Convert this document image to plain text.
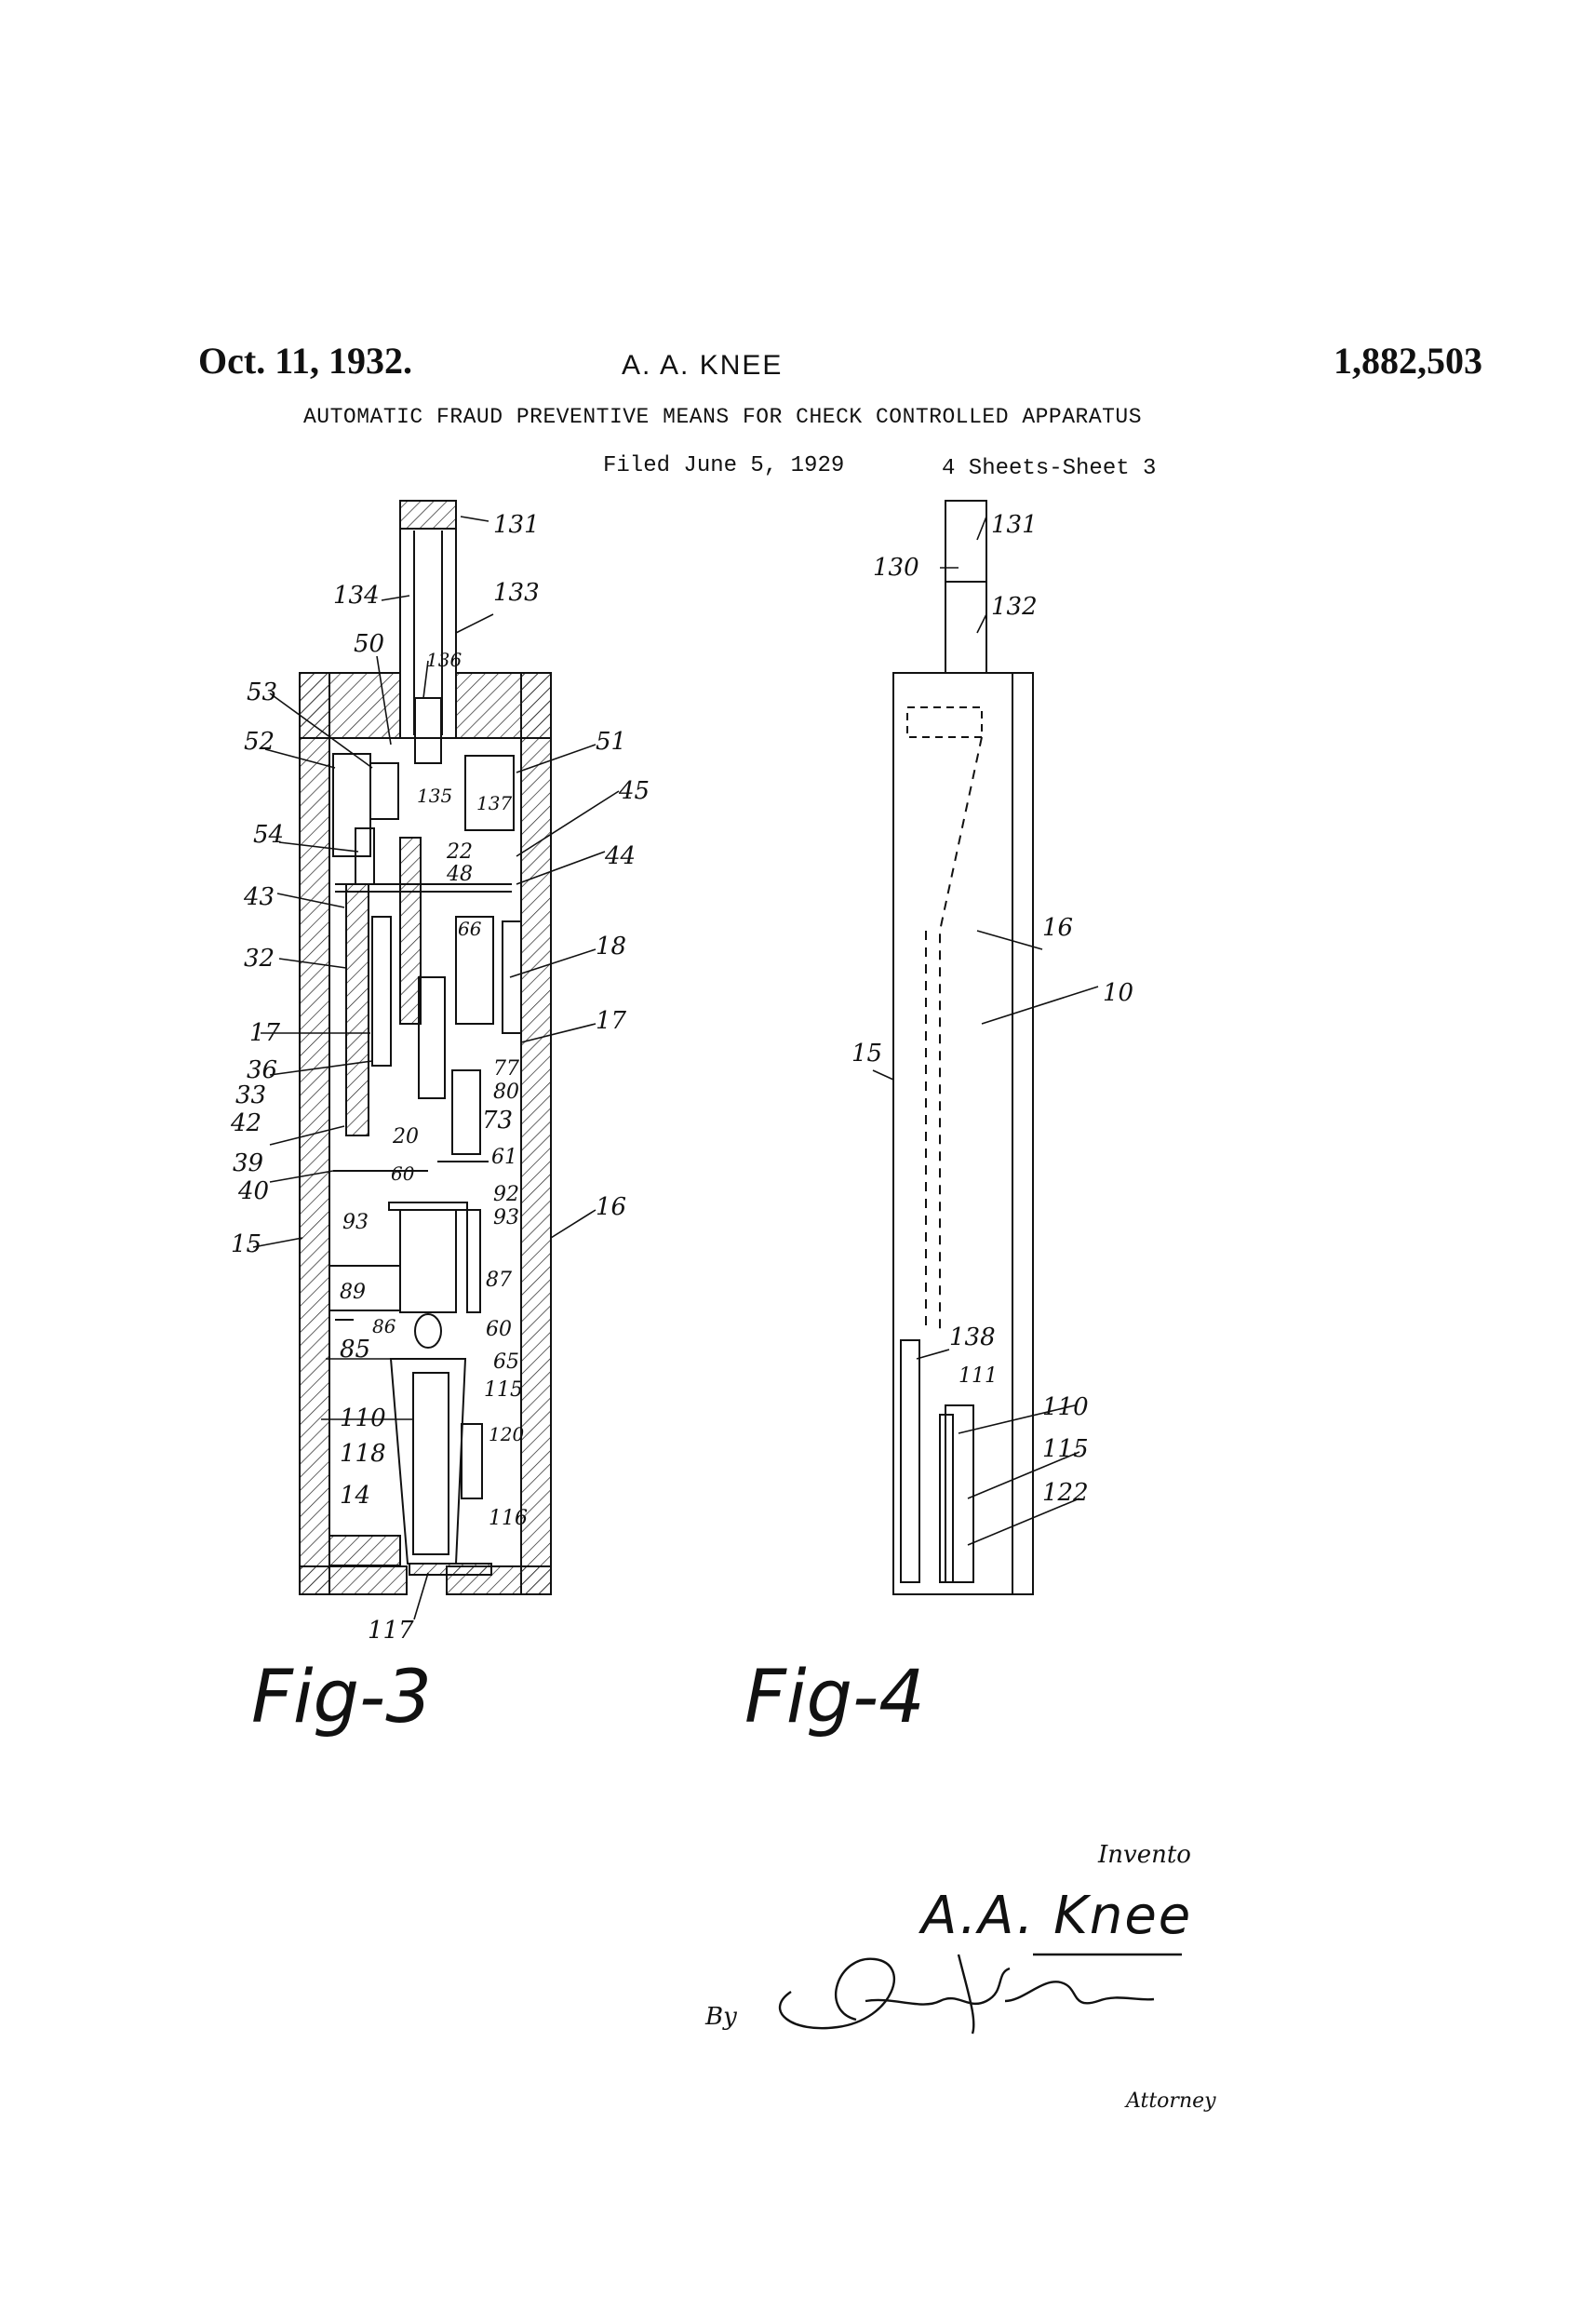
Oct. 11, 1932.	A. A. KNEE	1,882,503
AUTOMATIC FRAUD PREVENTIVE MEANS FOR CHECK CONTROLLED APPARATUS
Filed June 5, 1929	4 Sheets-Sheet 3
131
134	133
50
136
53
52	51
45
135 137
54
22
48
44
43
66
32	18
17	17
36	77
33	80
42	20
73
39	61
60
40	92
93	93
15
16
89
87
86
85
60
65
115
110
120
118
14
116
117
131
130
132
16
10
15
138
111
110
115
122
Fig-3	Fig-4
Invento
A.A. Knee
By
Attorney
